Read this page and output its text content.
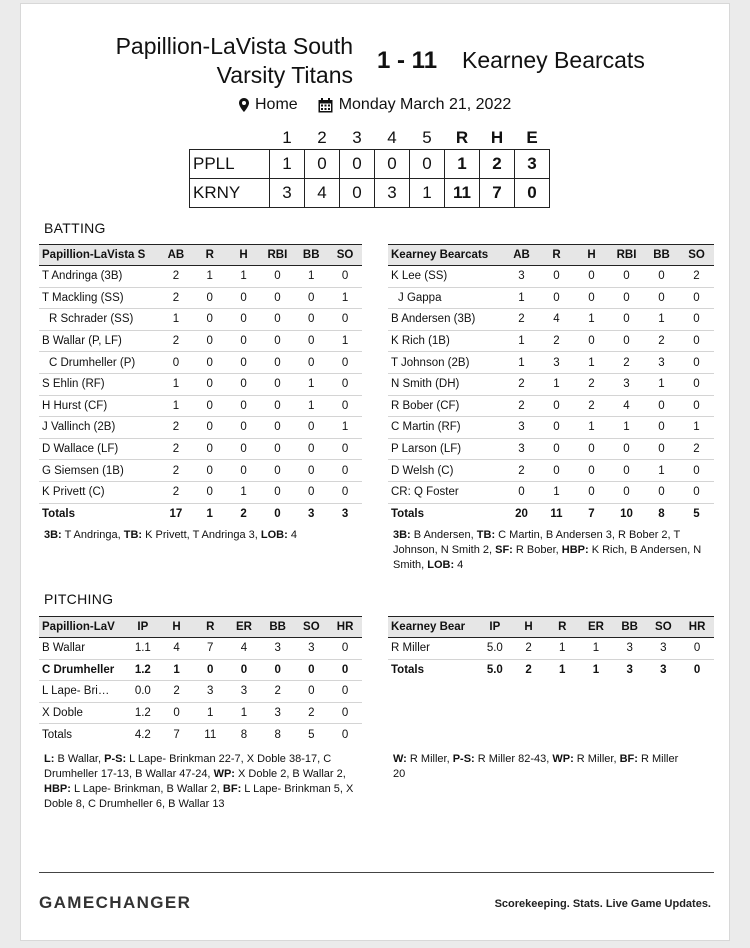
Papillion-LaVista South
Varsity Titans
1 - 11 Kearney Bearcats
Home	Monday March 21, 2022
	1	2	3	4	5	R	H	E
PPLL	1	0	0	0	0	1	2	3
KRNY	3	4	0	3	1	11	7	0
BATTING
Papillion-LaVista S	AB	R	H	RBI	BB	SO
T Andringa (3B)	2	1	1	0	1	0
T Mackling (SS)	2	0	0	0	0	1
R Schrader (SS)	1	0	0	0	0	0
B Wallar (P, LF)	2	0	0	0	0	1
C Drumheller (P)	0	0	0	0	0	0
S Ehlin (RF)	1	0	0	0	1	0
H Hurst (CF)	1	0	0	0	1	0
J Vallinch (2B)	2	0	0	0	0	1
D Wallace (LF)	2	0	0	0	0	0
G Siemsen (1B)	2	0	0	0	0	0
K Privett (C)	2	0	1	0	0	0
Totals	17	1	2	0	3	3
Kearney Bearcats	AB	R	H	RBI	BB	SO
K Lee (SS)	3	0	0	0	0	2
J Gappa	1	0	0	0	0	0
B Andersen (3B)	2	4	1	0	1	0
K Rich (1B)	1	2	0	0	2	0
T Johnson (2B)	1	3	1	2	3	0
N Smith (DH)	2	1	2	3	1	0
R Bober (CF)	2	0	2	4	0	0
C Martin (RF)	3	0	1	1	0	1
P Larson (LF)	3	0	0	0	0	2
D Welsh (C)	2	0	0	0	1	0
CR: Q Foster	0	1	0	0	0	0
Totals	20	11	7	10	8	5
3B: T Andringa, TB: K Privett, T Andringa 3, LOB: 4	3B: B Andersen, TB: C Martin, B Andersen 3, R Bober 2, T Johnson, N Smith 2, SF: R Bober, HBP: K Rich, B Andersen, N Smith, LOB: 4
PITCHING
Papillion-LaV	IP	H	R	ER	BB	SO	HR
B Wallar	1.1	4	7	4	3	3	0
C Drumheller	1.2	1	0	0	0	0	0
L Lape- Bri…	0.0	2	3	3	2	0	0
X Doble	1.2	0	1	1	3	2	0
Totals	4.2	7	11	8	8	5	0
Kearney Bear	IP	H	R	ER	BB	SO	HR
R Miller	5.0	2	1	1	3	3	0
Totals	5.0	2	1	1	3	3	0
L: B Wallar, P-S: L Lape- Brinkman 22-7, X Doble 38-17, C Drumheller 17-13, B Wallar 47-24, WP: X Doble 2, B Wallar 2, HBP: L Lape- Brinkman, B Wallar 2, BF: L Lape- Brinkman 5, X Doble 8, C Drumheller 6, B Wallar 13
W: R Miller, P-S: R Miller 82-43, WP: R Miller, BF: R Miller 20
GAMECHANGER	Scorekeeping. Stats. Live Game Updates.
